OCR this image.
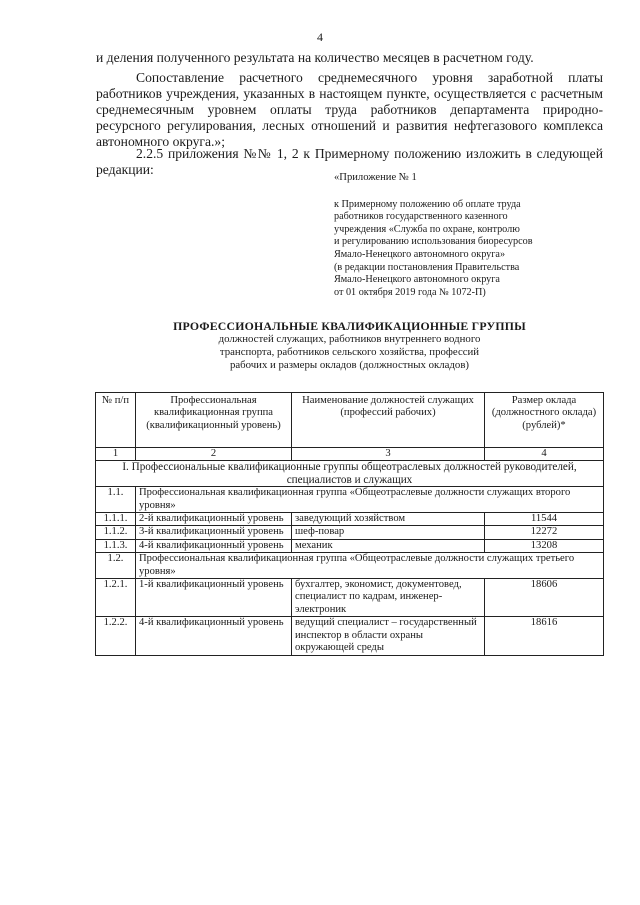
4
и деления полученного результата на количество месяцев в расчетном году.
Сопоставление расчетного среднемесячного уровня заработной платы работников учреждения, указанных в настоящем пункте, осуществляется с расчетным среднемесячным уровнем оплаты труда работников департамента природно-ресурсного регулирования, лесных отношений и развития нефтегазового комплекса автономного округа.»;
2.2.5 приложения №№ 1, 2 к Примерному положению изложить в следующей редакции:
«Приложение № 1
к Примерному положению об оплате труда
работников государственного казенного
учреждения «Служба по охране, контролю
и регулированию использования биоресурсов
Ямало-Ненецкого автономного округа»
(в редакции постановления Правительства
Ямало-Ненецкого автономного округа
от 01 октября 2019 года № 1072-П)
ПРОФЕССИОНАЛЬНЫЕ КВАЛИФИКАЦИОННЫЕ ГРУППЫ
должностей служащих, работников внутреннего водного
транспорта, работников сельского хозяйства, профессий
рабочих и размеры окладов (должностных окладов)
№ п/п	Профессиональная квалификационная группа (квалификационный уровень)	Наименование должностей служащих (профессий рабочих)	Размер оклада (должностного оклада) (рублей)*
1	2	3	4
I. Профессиональные квалификационные группы общеотраслевых должностей руководителей, специалистов и служащих			
1.1.	Профессиональная квалификационная группа «Общеотраслевые должности служащих второго уровня»		
1.1.1.	2-й квалификационный уровень	заведующий хозяйством	11544
1.1.2.	3-й квалификационный уровень	шеф-повар	12272
1.1.3.	4-й квалификационный уровень	механик	13208
1.2.	Профессиональная квалификационная группа «Общеотраслевые должности служащих третьего уровня»		
1.2.1.	1-й квалификационный уровень	бухгалтер, экономист, документовед, специалист по кадрам, инженер-электроник	18606
1.2.2.	4-й квалификационный уровень	ведущий специалист – государственный инспектор в области охраны окружающей среды	18616
